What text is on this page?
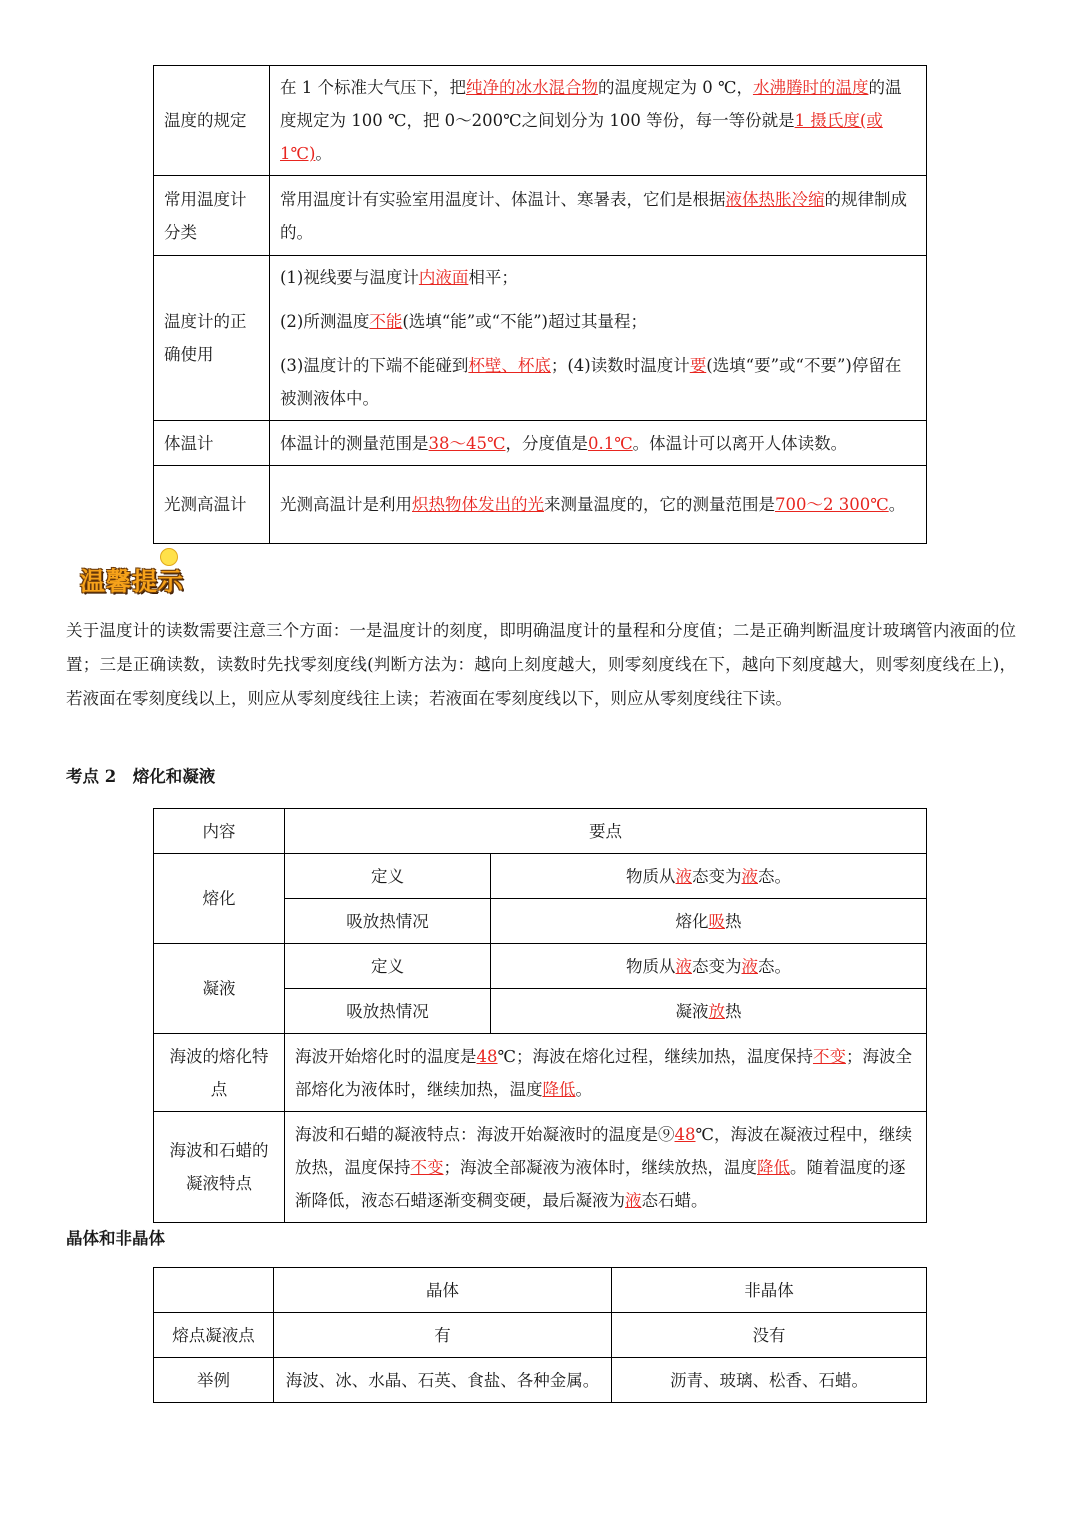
温度的规定	在 1 个标准大气压下，把纯净的冰水混合物的温度规定为 0 ℃，水沸腾时的温度的温度规定为 100 ℃，把 0～200℃之间划分为 100 等份，每一等份就是1 摄氏度(或 1℃)。
常用温度计分类	常用温度计有实验室用温度计、体温计、寒暑表，它们是根据液体热胀冷缩的规律制成的。
温度计的正确使用	(1)视线要与温度计内液面相平；

(2)所测温度不能(选填“能”或“不能”)超过其量程；

(3)温度计的下端不能碰到杯壁、杯底；(4)读数时温度计要(选填“要”或“不要”)停留在被测液体中。

体温计	体温计的测量范围是38～45℃，分度值是0.1℃。体温计可以离开人体读数。
光测高温计	光测高温计是利用炽热物体发出的光来测量温度的，它的测量范围是700～2 300℃。
温馨提示

关于温度计的读数需要注意三个方面：一是温度计的刻度，即明确温度计的量程和分度值；二是正确判断温度计玻璃管内液面的位置；三是正确读数，读数时先找零刻度线(判断方法为：越向上刻度越大，则零刻度线在下，越向下刻度越大，则零刻度线在上)，若液面在零刻度线以上，则应从零刻度线往上读；若液面在零刻度线以下，则应从零刻度线往下读。

考点 2　熔化和凝液

内容	要点	
熔化	定义	物质从液态变为液态。
	吸放热情况	熔化吸热
凝液	定义	物质从液态变为液态。
	吸放热情况	凝液放热
海波的熔化特点	海波开始熔化时的温度是48℃；海波在熔化过程，继续加热，温度保持不变；海波全部熔化为液体时，继续加热，温度降低。	
海波和石蜡的凝液特点	海波和石蜡的凝液特点：海波开始凝液时的温度是⑨48℃，海波在凝液过程中，继续放热，温度保持不变；海波全部凝液为液体时，继续放热，温度降低。随着温度的逐渐降低，液态石蜡逐渐变稠变硬，最后凝液为液态石蜡。	

晶体和非晶体

	晶体	非晶体
熔点凝液点	有	没有
举例	海波、冰、水晶、石英、食盐、各种金属。	沥青、玻璃、松香、石蜡。
